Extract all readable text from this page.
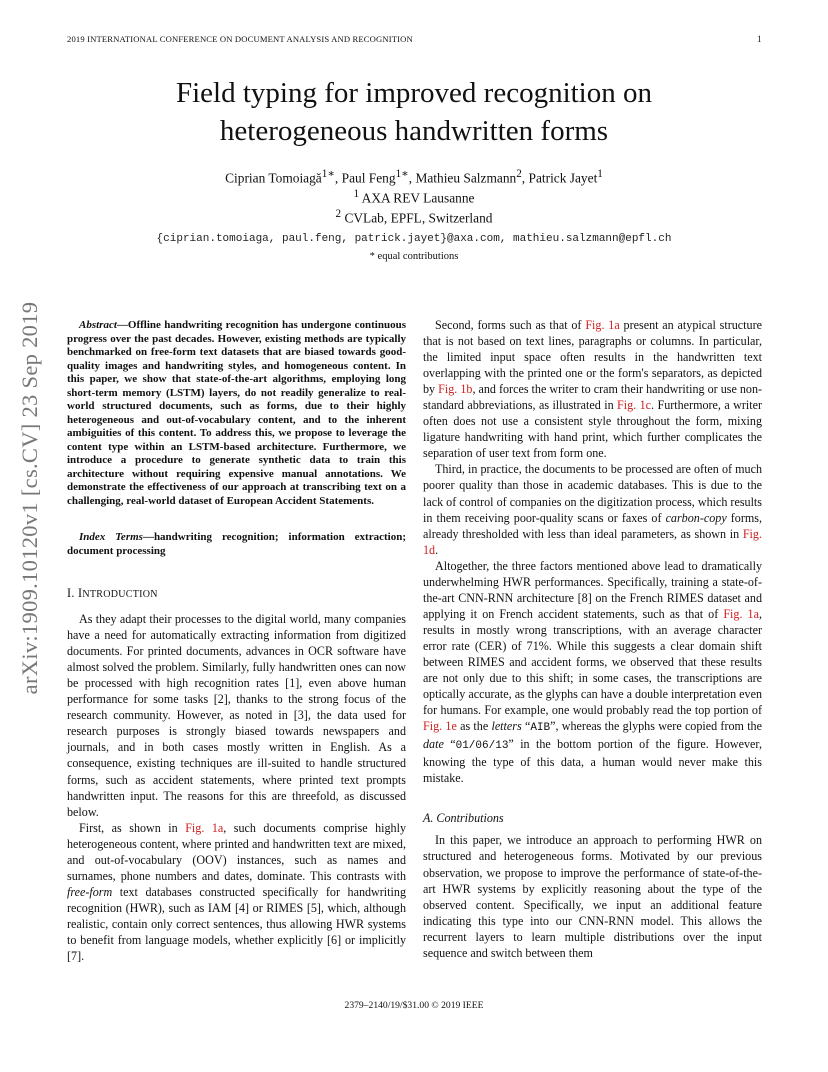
2019 INTERNATIONAL CONFERENCE ON DOCUMENT ANALYSIS AND RECOGNITION	1
arXiv:1909.10120v1 [cs.CV] 23 Sep 2019
Field typing for improved recognition on
heterogeneous handwritten forms
Ciprian Tomoiagă$^{1∗}$, Paul Feng$^{1∗}$, Mathieu Salzmann$^2$, Patrick Jayet$^1$
$^1$ AXA REV Lausanne
$^2$ CVLab, EPFL, Switzerland
{ciprian.tomoiaga, paul.feng, patrick.jayet}@axa.com, mathieu.salzmann@epfl.ch
* equal contributions

Abstract—Offline handwriting recognition has undergone continuous progress over the past decades. However, existing methods are typically benchmarked on free-form text datasets that are biased towards good-quality images and handwriting styles, and homogeneous content. In this paper, we show that state-of-the-art algorithms, employing long short-term memory (LSTM) layers, do not readily generalize to real-world structured documents, such as forms, due to their highly heterogeneous and out-of-vocabulary content, and to the inherent ambiguities of this content. To address this, we propose to leverage the content type within an LSTM-based architecture. Furthermore, we introduce a procedure to generate synthetic data to train this architecture without requiring expensive manual annotations. We demonstrate the effectiveness of our approach at transcribing text on a challenging, real-world dataset of European Accident Statements.

Index Terms—handwriting recognition; information extraction; document processing

I. INTRODUCTION

As they adapt their processes to the digital world, many companies have a need for automatically extracting information from digitized documents. For printed documents, advances in OCR software have almost solved the problem. Similarly, fully handwritten ones can now be processed with high recognition rates [1], even above human performance for some tasks [2], thanks to the strong focus of the research community. However, as noted in [3], the data used for research purposes is strongly biased towards newspapers and journals, and in both cases mostly written in English. As a consequence, existing techniques are ill-suited to handle structured forms, such as accident statements, where printed text prompts handwritten input. The reasons for this are threefold, as discussed below.

First, as shown in Fig. 1a, such documents comprise highly heterogeneous content, where printed and handwritten text are mixed, and out-of-vocabulary (OOV) instances, such as names and surnames, phone numbers and dates, dominate. This contrasts with free-form text databases constructed specifically for handwriting recognition (HWR), such as IAM [4] or RIMES [5], which, although realistic, contain only correct sentences, thus allowing HWR systems to benefit from language models, whether explicitly [6] or implicitly [7].

Second, forms such as that of Fig. 1a present an atypical structure that is not based on text lines, paragraphs or columns. In particular, the limited input space often results in the handwritten text overlapping with the printed one or the form's separators, as depicted by Fig. 1b, and forces the writer to cram their handwriting or use non-standard abbreviations, as illustrated in Fig. 1c. Furthermore, a writer often does not use a consistent style throughout the form, mixing ligature handwriting with hand print, which further complicates the separation of user text from form one.

Third, in practice, the documents to be processed are often of much poorer quality than those in academic databases. This is due to the lack of control of companies on the digitization process, which results in them receiving poor-quality scans or faxes of carbon-copy forms, already thresholded with less than ideal parameters, as shown in Fig. 1d.

Altogether, the three factors mentioned above lead to dramatically underwhelming HWR performances. Specifically, training a state-of-the-art CNN-RNN architecture [8] on the French RIMES dataset and applying it on French accident statements, such as that of Fig. 1a, results in mostly wrong transcriptions, with an average character error rate (CER) of 71%. While this suggests a clear domain shift between RIMES and accident forms, we observed that these results are not only due to this shift; in some cases, the transcriptions are optically accurate, as the glyphs can have a double interpretation even for humans. For example, one would probably read the top portion of Fig. 1e as the letters “AIB”, whereas the glyphs were copied from the date “01/06/13” in the bottom portion of the figure. However, knowing the type of this data, a human would never make this mistake.

A. Contributions

In this paper, we introduce an approach to performing HWR on structured and heterogeneous forms. Motivated by our previous observation, we propose to improve the performance of state-of-the-art HWR systems by explicitly reasoning about the type of the observed content. Specifically, we input an additional feature indicating this type into our CNN-RNN model. This allows the recurrent layers to learn multiple distributions over the input sequence and switch between them

2379–2140/19/$31.00 © 2019 IEEE
